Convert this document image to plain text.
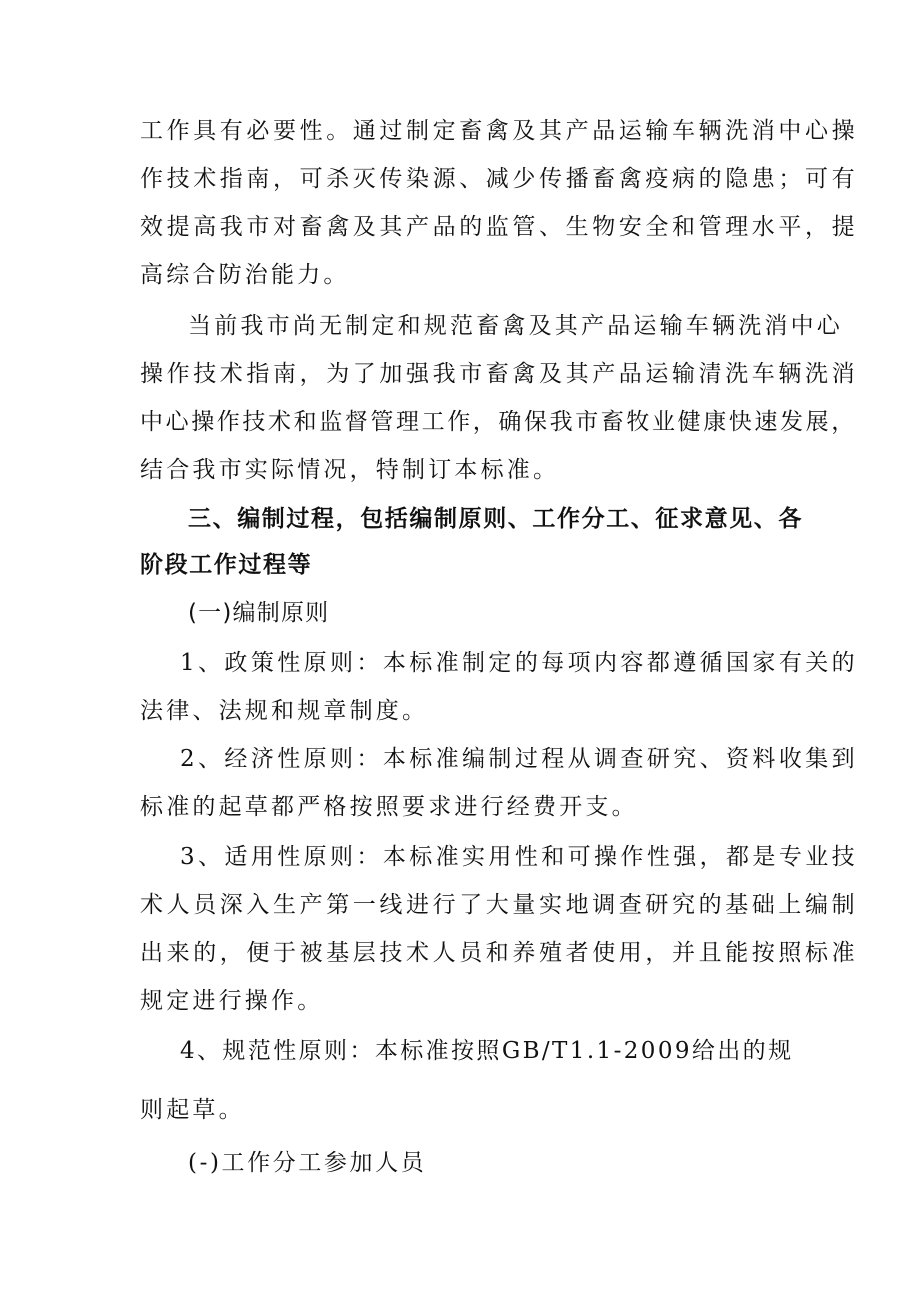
工作具有必要性。通过制定畜禽及其产品运输车辆洗消中心操

作技术指南，可杀灭传染源、减少传播畜禽疫病的隐患；可有

效提高我市对畜禽及其产品的监管、生物安全和管理水平，提

高综合防治能力。

当前我市尚无制定和规范畜禽及其产品运输车辆洗消中心

操作技术指南，为了加强我市畜禽及其产品运输清洗车辆洗消

中心操作技术和监督管理工作，确保我市畜牧业健康快速发展，

结合我市实际情况，特制订本标准。

三、编制过程，包括编制原则、工作分工、征求意见、各

阶段工作过程等

(一)编制原则

1、政策性原则：本标准制定的每项内容都遵循国家有关的

法律、法规和规章制度。

2、经济性原则：本标准编制过程从调查研究、资料收集到

标准的起草都严格按照要求进行经费开支。

3、适用性原则：本标准实用性和可操作性强，都是专业技

术人员深入生产第一线进行了大量实地调查研究的基础上编制

出来的，便于被基层技术人员和养殖者使用，并且能按照标准

规定进行操作。

4、规范性原则：本标准按照GB/T1.1-2009给出的规

则起草。

(-)工作分工参加人员
